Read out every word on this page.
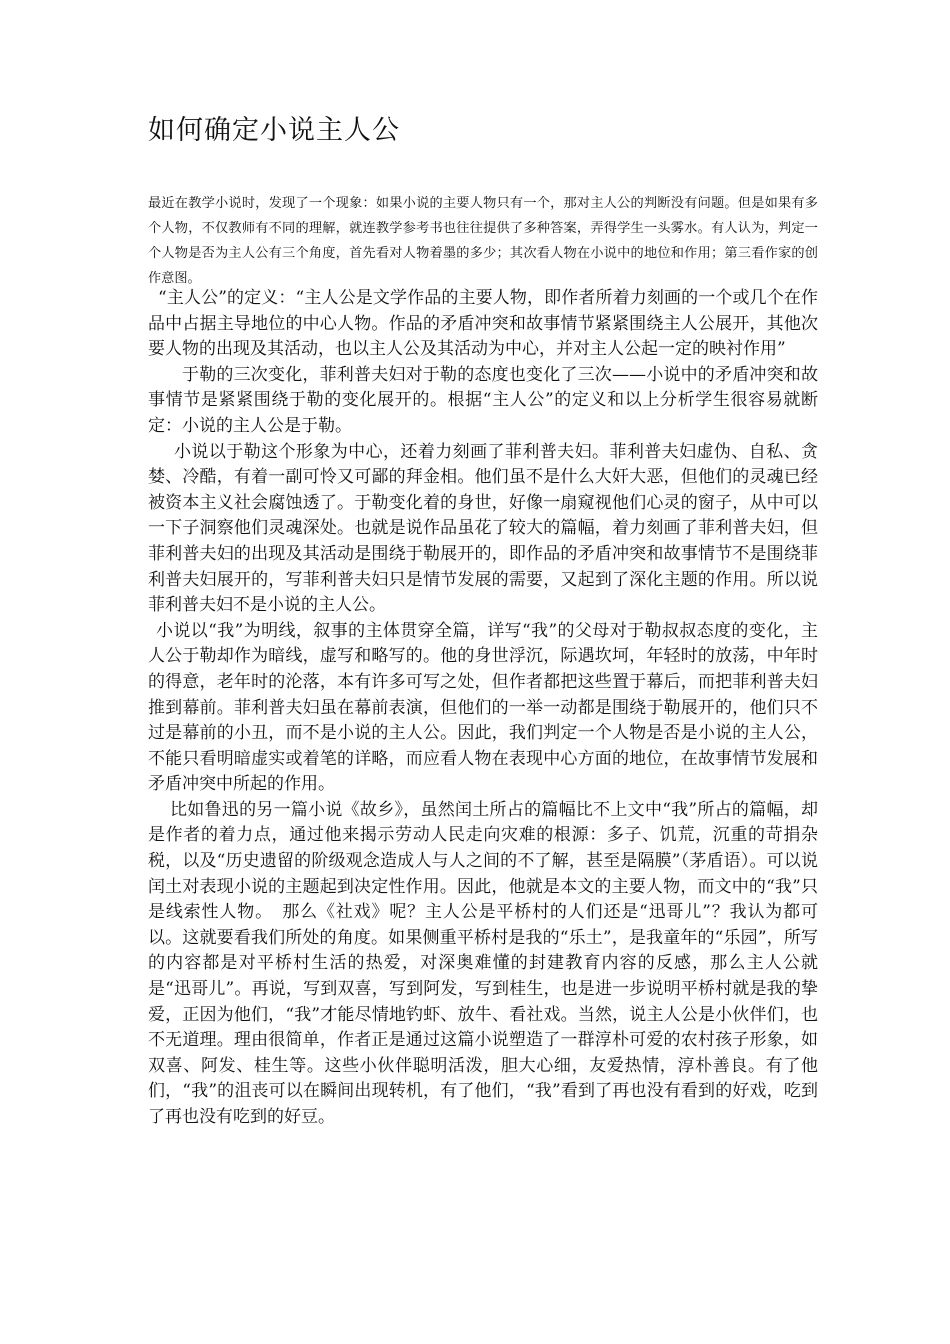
如何确定小说主人公

最近在教学小说时，发现了一个现象：如果小说的主要人物只有一个，那对主人公的判断没有问题。但是如果有多个人物，不仅教师有不同的理解，就连教学参考书也往往提供了多种答案，弄得学生一头雾水。有人认为，判定一个人物是否为主人公有三个角度，首先看对人物着墨的多少；其次看人物在小说中的地位和作用；第三看作家的创作意图。

“主人公”的定义：“主人公是文学作品的主要人物，即作者所着力刻画的一个或几个在作品中占据主导地位的中心人物。作品的矛盾冲突和故事情节紧紧围绕主人公展开，其他次要人物的出现及其活动，也以主人公及其活动为中心，并对主人公起一定的映衬作用”

于勒的三次变化，菲利普夫妇对于勒的态度也变化了三次——小说中的矛盾冲突和故事情节是紧紧围绕于勒的变化展开的。根据“主人公”的定义和以上分析学生很容易就断定：小说的主人公是于勒。

小说以于勒这个形象为中心，还着力刻画了菲利普夫妇。菲利普夫妇虚伪、自私、贪婪、冷酷，有着一副可怜又可鄙的拜金相。他们虽不是什么大奸大恶，但他们的灵魂已经被资本主义社会腐蚀透了。于勒变化着的身世，好像一扇窥视他们心灵的窗子，从中可以一下子洞察他们灵魂深处。也就是说作品虽花了较大的篇幅，着力刻画了菲利普夫妇，但菲利普夫妇的出现及其活动是围绕于勒展开的，即作品的矛盾冲突和故事情节不是围绕菲利普夫妇展开的，写菲利普夫妇只是情节发展的需要，又起到了深化主题的作用。所以说菲利普夫妇不是小说的主人公。

小说以“我”为明线，叙事的主体贯穿全篇，详写“我”的父母对于勒叔叔态度的变化，主人公于勒却作为暗线，虚写和略写的。他的身世浮沉，际遇坎坷，年轻时的放荡，中年时的得意，老年时的沦落，本有许多可写之处，但作者都把这些置于幕后，而把菲利普夫妇推到幕前。菲利普夫妇虽在幕前表演，但他们的一举一动都是围绕于勒展开的，他们只不过是幕前的小丑，而不是小说的主人公。因此，我们判定一个人物是否是小说的主人公，不能只看明暗虚实或着笔的详略，而应看人物在表现中心方面的地位，在故事情节发展和矛盾冲突中所起的作用。

比如鲁迅的另一篇小说《故乡》，虽然闰土所占的篇幅比不上文中“我”所占的篇幅，却是作者的着力点，通过他来揭示劳动人民走向灾难的根源：多子、饥荒，沉重的苛捐杂税，以及“历史遗留的阶级观念造成人与人之间的不了解，甚至是隔膜”（茅盾语）。可以说闰土对表现小说的主题起到决定性作用。因此，他就是本文的主要人物，而文中的“我”只是线索性人物。　那么《社戏》呢？主人公是平桥村的人们还是“迅哥儿”？我认为都可以。这就要看我们所处的角度。如果侧重平桥村是我的“乐土”，是我童年的“乐园”，所写的内容都是对平桥村生活的热爱，对深奥难懂的封建教育内容的反感，那么主人公就是“迅哥儿”。再说，写到双喜，写到阿发，写到桂生，也是进一步说明平桥村就是我的挚爱，正因为他们，“我”才能尽情地钓虾、放牛、看社戏。当然，说主人公是小伙伴们，也不无道理。理由很简单，作者正是通过这篇小说塑造了一群淳朴可爱的农村孩子形象，如双喜、阿发、桂生等。这些小伙伴聪明活泼，胆大心细，友爱热情，淳朴善良。有了他们，“我”的沮丧可以在瞬间出现转机，有了他们，“我”看到了再也没有看到的好戏，吃到了再也没有吃到的好豆。
